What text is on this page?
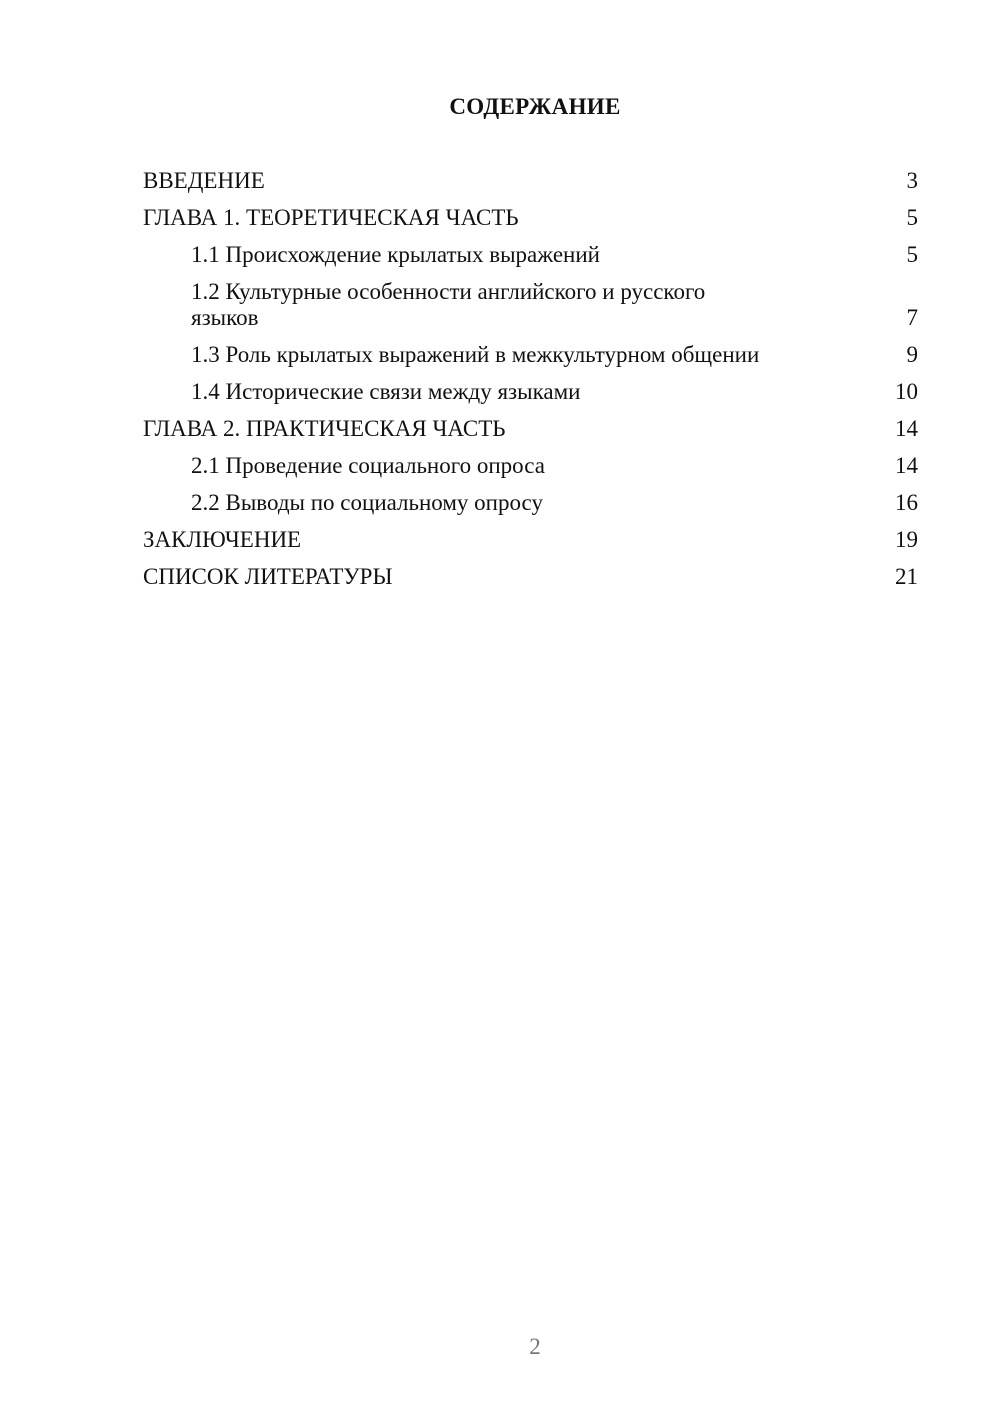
СОДЕРЖАНИЕ
ВВЕДЕНИЕ	3
ГЛАВА 1. ТЕОРЕТИЧЕСКАЯ ЧАСТЬ	5
1.1 Происхождение крылатых выражений	5
1.2 Культурные особенности английского и русского языков	7
1.3 Роль крылатых выражений в межкультурном общении	9
1.4 Исторические связи между языками	10
ГЛАВА 2. ПРАКТИЧЕСКАЯ ЧАСТЬ	14
2.1 Проведение социального опроса	14
2.2 Выводы по социальному опросу	16
ЗАКЛЮЧЕНИЕ	19
СПИСОК ЛИТЕРАТУРЫ	21
2
